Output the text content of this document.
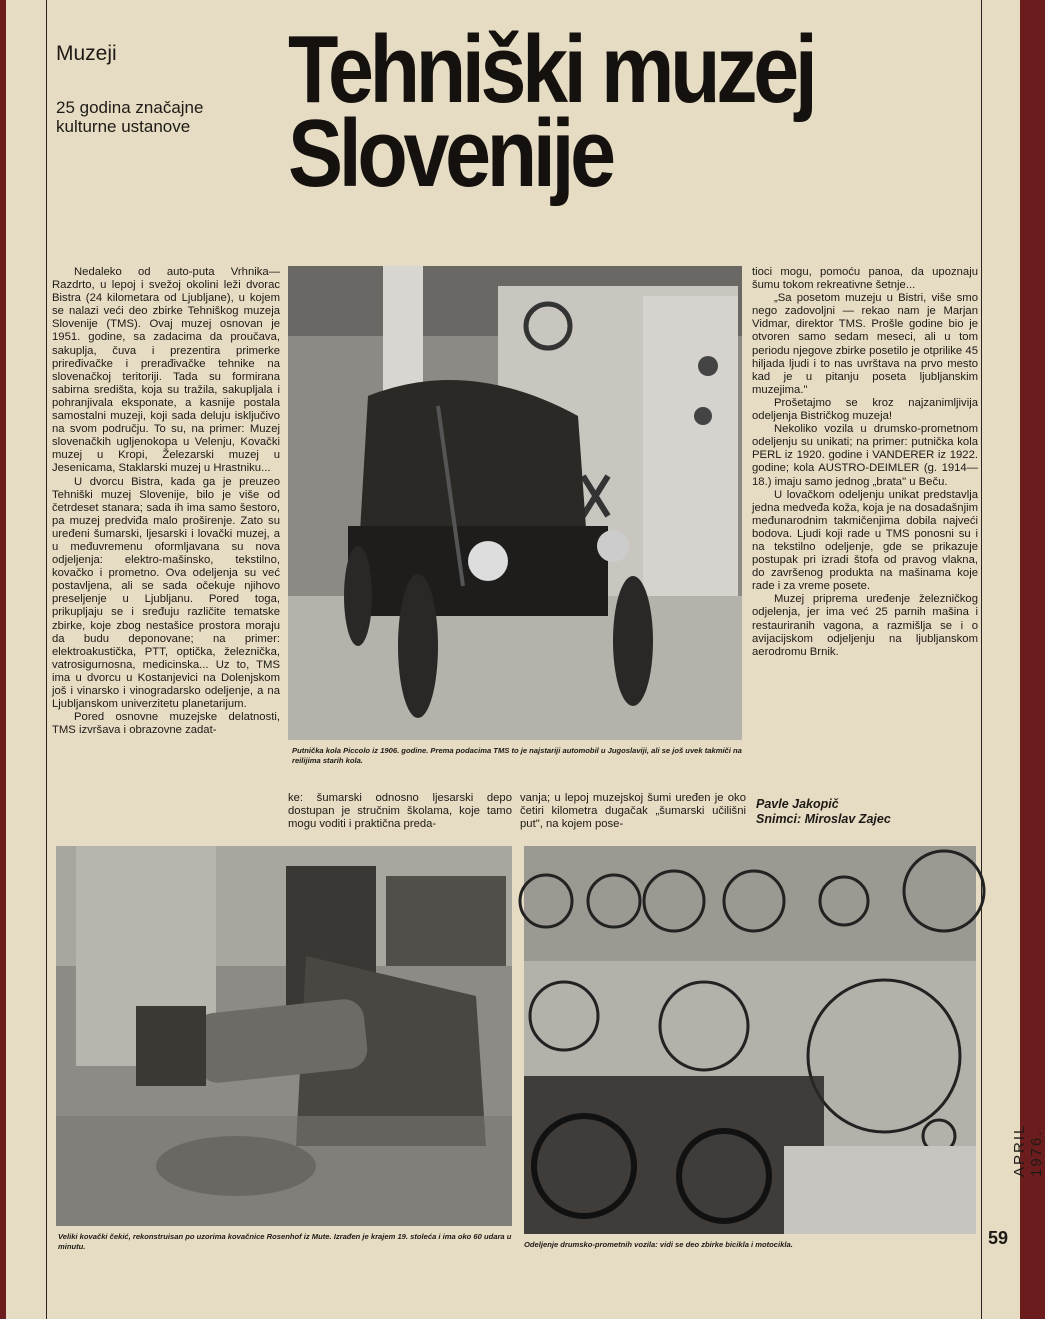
Muzeji
25 godina značajne kulturne ustanove
Tehniški muzej
Slovenije

Nedaleko od auto-puta Vrhnika—Razdrto, u lepoj i svežoj okolini leži dvorac Bistra (24 kilometara od Ljubljane), u kojem se nalazi veći deo zbirke Tehniškog muzeja Slovenije (TMS). Ovaj muzej osnovan je 1951. godine, sa zadacima da proučava, sakuplja, čuva i prezentira primerke prirеđivačke i prerađivačke tehnike na slovenačkoj teritoriji. Tada su formirana sabirna središta, koja su tražila, sakupljala i pohranjivala eksponate, a kasnije postala samostalni muzeji, koji sada deluju isključivo na svom području. To su, na primer: Muzej slovenačkih ugljenokopa u Velenju, Kovački muzej u Kropi, Železarski muzej u Jesenicama, Staklarski muzej u Hrastniku...

U dvorcu Bistra, kada ga je preuzeo Tehniški muzej Slovenije, bilo je više od četrdeset stanara; sada ih ima samo šestoro, pa muzej predviđa malo proširenje. Zato su uređeni šumarski, ljesarski i lovački muzej, a u međuvremenu oformljavana su nova odjeljenja: elektro-mašinsko, tekstilno, kovačko i prometno. Ova odeljenja su već postavljena, ali se sada očekuje njihovo preseljenje u Ljubljanu. Pored toga, prikupljaju se i sređuju različite tematske zbirke, koje zbog nestašice prostora moraju da budu deponovane; na primer: elektroakustička, PTT, optička, železnička, vatrosigurnosna, medicinska... Uz to, TMS ima u dvorcu u Kostanjevici na Dolenjskom još i vinarsko i vinogradarsko odeljenje, a na Ljubljanskom univerzitetu planetarijum.

Pored osnovne muzejske delatnosti, TMS izvršava i obrazovne zadat-

Putnička kola Piccolo iz 1906. godine. Prema podacima TMS to je najstariji automobil u Jugoslaviji, ali se još uvek takmiči na reilijima starih kola.

tioci mogu, pomoću panoa, da upoznaju šumu tokom rekreativne šetnje...

„Sa posetom muzeju u Bistri, više smo nego zadovoljni — rekao nam je Marjan Vidmar, direktor TMS. Prošle godine bio je otvoren samo sedam meseci, ali u tom periodu njegove zbirke posetilo je otprilike 45 hiljada ljudi i to nas uvrštava na prvo mesto kad je u pitanju poseta ljubljanskim muzejima."

Prošetajmo se kroz najzanimljivija odeljenja Bistričkog muzeja!

Nekoliko vozila u drumsko-prometnom odeljenju su unikati; na primer: putnička kola PERL iz 1920. godine i VANDERER iz 1922. godine; kola AUSTRO-DEIMLER (g. 1914—18.) imaju samo jednog „brata" u Beču.

U lovačkom odeljenju unikat predstavlja jedna medveđa koža, koja je na dosadašnjim međunarodnim takmičenjima dobila najveći bodova. Ljudi koji rade u TMS ponosni su i na tekstilno odeljenje, gde se prikazuje postupak pri izradi štofa od pravog vlakna, do završenog produkta na mašinama koje rade i za vreme posete.

Muzej priprema uređenje železničkog odjelenja, jer ima već 25 parnih mašina i restauriranih vagona, a razmišlja se i o avijacijskom odjeljenju na ljubljanskom aerodromu Brnik.

ke: šumarski odnosno ljesarski depo dostupan je stručnim školama, koje tamo mogu voditi i praktičnа preda-

vanja; u lepoj muzejskoj šumi uređen je oko četiri kilometra dugačak „šumarski učilišni put", na kojem pose-

Pavle Jakopič
Snimci: Miroslav Zajec
Veliki kovački čekić, rekonstruisan po uzorima kovačnice Rosenhof iz Mute. Izrađen je krajem 19. stoleća i ima oko 60 udara u minutu.	Odeljenje drumsko-prometnih vozila: vidi se deo zbirke bicikla i motocikla.
APRIL 1976.
59
